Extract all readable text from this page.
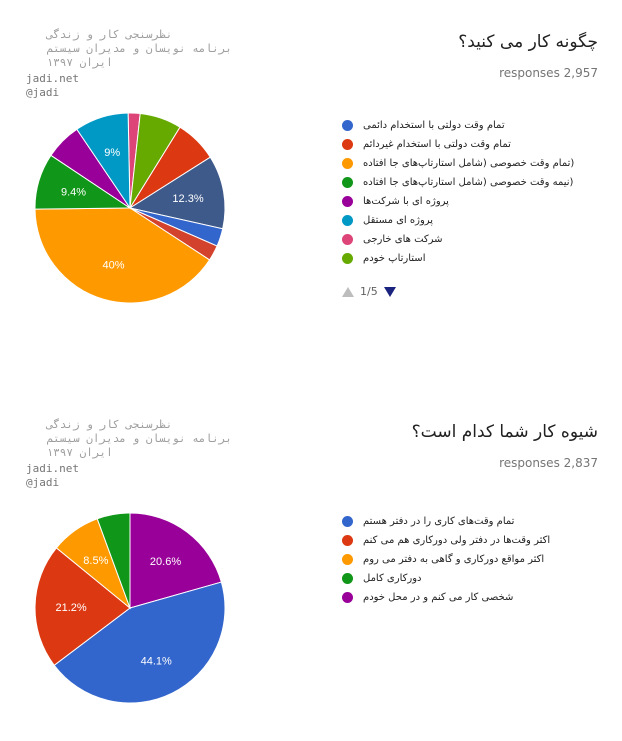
چگونه کار می کنید؟
responses 2,957
نظرسنجی کار و زندگی
برنامه نویسان و مدیران سیستم
ایران ۱۳۹۷
jadi.net
@jadi
12.3%
40%
9.4%
9%
تمام وقت دولتی با استخدام دائمی
تمام وقت دولتی با استخدام غیردائم
(تمام وقت خصوصی (شامل استارتاپ‌های جا افتاده
(نیمه وقت خصوصی (شامل استارتاپ‌های جا افتاده
پروژه ای با شرکت‌ها
پروژه ای مستقل
شرکت های خارجی
استارتاپ خودم
1/5
شیوه کار شما کدام است؟
responses 2,837
نظرسنجی کار و زندگی
برنامه نویسان و مدیران سیستم
ایران ۱۳۹۷
jadi.net
@jadi
20.6%
44.1%
21.2%
8.5%
تمام وقت‌های کاری را در دفتر هستم
اکثر وقت‌ها در دفتر ولی دورکاری هم می کنم
اکثر مواقع دورکاری و گاهی به دفتر می روم
دورکاری کامل
شخصی کار می کنم و در محل خودم
